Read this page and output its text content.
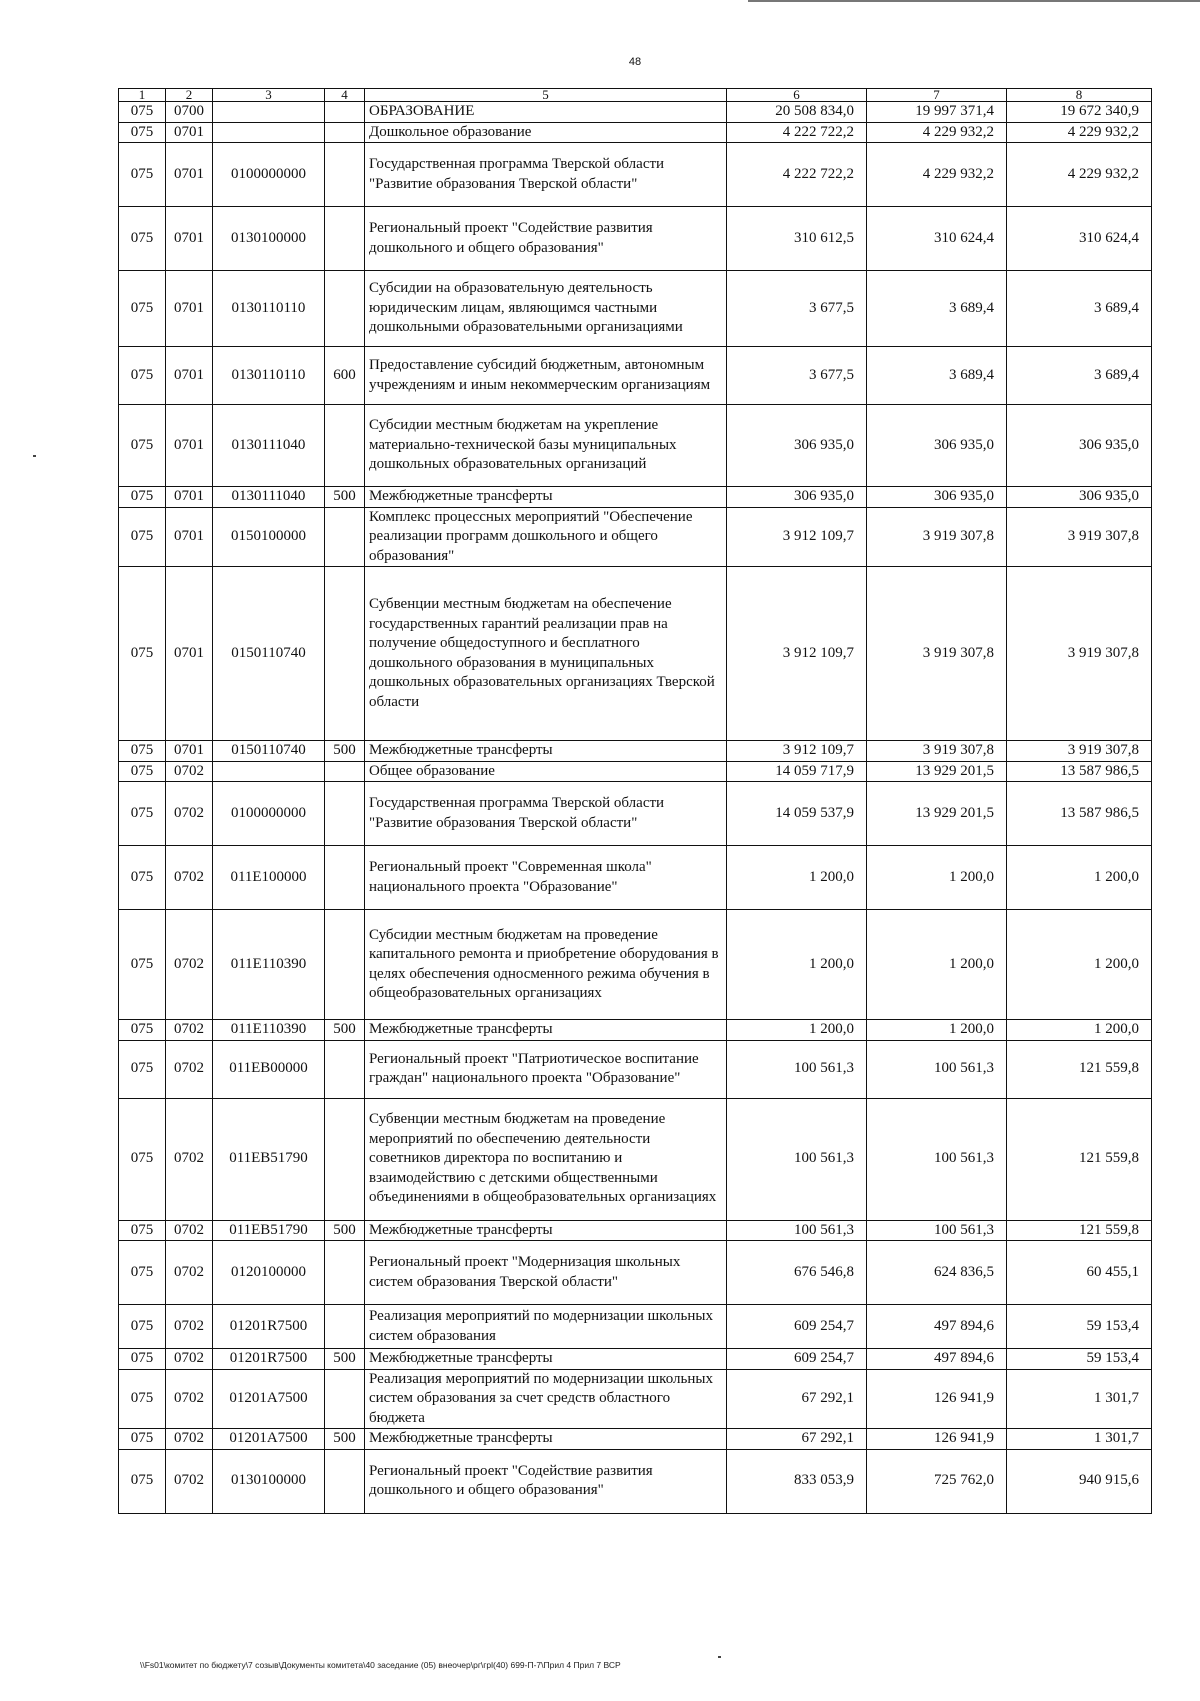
48
1	2	3	4	5	6	7	8
075	0700			ОБРАЗОВАНИЕ	20 508 834,0	19 997 371,4	19 672 340,9
075	0701			Дошкольное образование	4 222 722,2	4 229 932,2	4 229 932,2
075	0701	0100000000		Государственная программа Тверской области "Развитие образования Тверской области"	4 222 722,2	4 229 932,2	4 229 932,2
075	0701	0130100000		Региональный проект "Содействие развития дошкольного и общего образования"	310 612,5	310 624,4	310 624,4
075	0701	0130110110		Субсидии на образовательную деятельность юридическим лицам, являющимся частными дошкольными образовательными организациями	3 677,5	3 689,4	3 689,4
075	0701	0130110110	600	Предоставление субсидий бюджетным, автономным учреждениям и иным некоммерческим организациям	3 677,5	3 689,4	3 689,4
075	0701	0130111040		Субсидии местным бюджетам на укрепление материально-технической базы муниципальных дошкольных образовательных организаций	306 935,0	306 935,0	306 935,0
075	0701	0130111040	500	Межбюджетные трансферты	306 935,0	306 935,0	306 935,0
075	0701	0150100000		Комплекс процессных мероприятий "Обеспечение реализации программ дошкольного и общего образования"	3 912 109,7	3 919 307,8	3 919 307,8
075	0701	0150110740		Субвенции местным бюджетам на обеспечение государственных гарантий реализации прав на получение общедоступного и бесплатного дошкольного образования в муниципальных дошкольных образовательных организациях Тверской области	3 912 109,7	3 919 307,8	3 919 307,8
075	0701	0150110740	500	Межбюджетные трансферты	3 912 109,7	3 919 307,8	3 919 307,8
075	0702			Общее образование	14 059 717,9	13 929 201,5	13 587 986,5
075	0702	0100000000		Государственная программа Тверской области "Развитие образования Тверской области"	14 059 537,9	13 929 201,5	13 587 986,5
075	0702	011E100000		Региональный проект "Современная школа" национального проекта "Образование"	1 200,0	1 200,0	1 200,0
075	0702	011E110390		Субсидии местным бюджетам на проведение капитального ремонта и приобретение оборудования в целях обеспечения односменного режима обучения в общеобразовательных организациях	1 200,0	1 200,0	1 200,0
075	0702	011E110390	500	Межбюджетные трансферты	1 200,0	1 200,0	1 200,0
075	0702	011EB00000		Региональный проект "Патриотическое воспитание граждан" национального проекта "Образование"	100 561,3	100 561,3	121 559,8
075	0702	011EB51790		Субвенции местным бюджетам на проведение мероприятий по обеспечению деятельности советников директора по воспитанию и взаимодействию с детскими общественными объединениями в общеобразовательных организациях	100 561,3	100 561,3	121 559,8
075	0702	011EB51790	500	Межбюджетные трансферты	100 561,3	100 561,3	121 559,8
075	0702	0120100000		Региональный проект "Модернизация школьных систем образования Тверской области"	676 546,8	624 836,5	60 455,1
075	0702	01201R7500		Реализация мероприятий по модернизации школьных систем образования	609 254,7	497 894,6	59 153,4
075	0702	01201R7500	500	Межбюджетные трансферты	609 254,7	497 894,6	59 153,4
075	0702	01201A7500		Реализация мероприятий по модернизации школьных систем образования за счет средств областного бюджета	67 292,1	126 941,9	1 301,7
075	0702	01201A7500	500	Межбюджетные трансферты	67 292,1	126 941,9	1 301,7
075	0702	0130100000		Региональный проект "Содействие развития дошкольного и общего образования"	833 053,9	725 762,0	940 915,6
\\Fs01\комитет по бюджету\7 созыв\Документы комитета\40 заседание (05) внеочер\рг\грl(40) 699-П-7\Прил 4 Прил 7 ВСР
